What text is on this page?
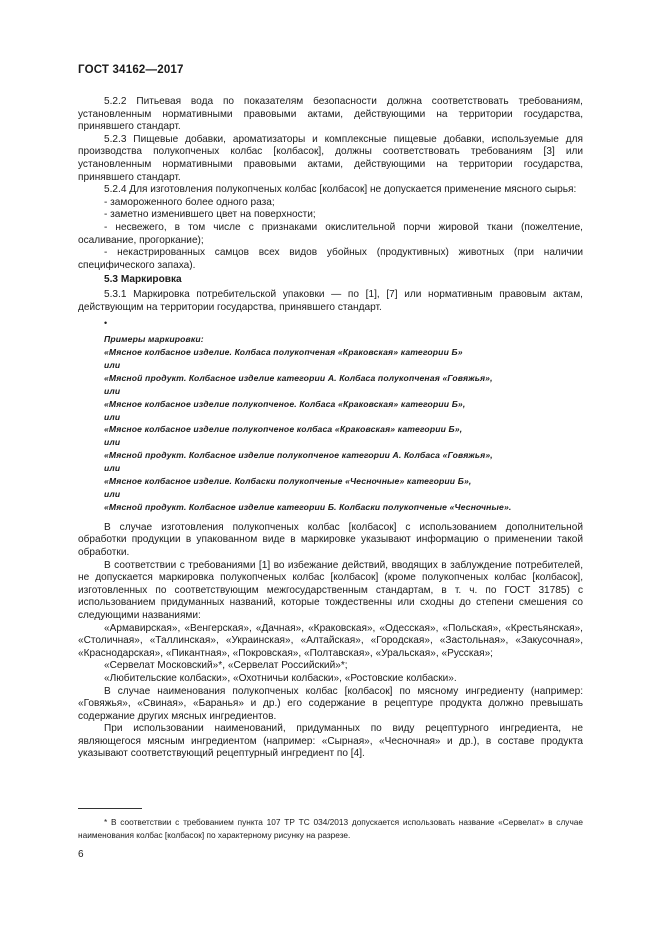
ГОСТ 34162—2017

5.2.2 Питьевая вода по показателям безопасности должна соответствовать требованиям, установленным нормативными правовыми актами, действующими на территории государства, принявшего стандарт.

5.2.3 Пищевые добавки, ароматизаторы и комплексные пищевые добавки, используемые для производства полукопченых колбас [колбасок], должны соответствовать требованиям [3] или установленным нормативными правовыми актами, действующими на территории государства, принявшего стандарт.

5.2.4 Для изготовления полукопченых колбас [колбасок] не допускается применение мясного сырья:

- замороженного более одного раза;

- заметно изменившего цвет на поверхности;

- несвежего, в том числе с признаками окислительной порчи жировой ткани (пожелтение, осаливание, прогоркание);

- некастрированных самцов всех видов убойных (продуктивных) животных (при наличии специфического запаха).

5.3 Маркировка

5.3.1 Маркировка потребительской упаковки — по [1], [7] или нормативным правовым актам, действующим на территории государства, принявшего стандарт.

•

Примеры маркировки:

«Мясное колбасное изделие. Колбаса полукопченая «Краковская» категории Б»

или

«Мясной продукт. Колбасное изделие категории А. Колбаса полукопченая «Говяжья»,

или

«Мясное колбасное изделие полукопченое. Колбаса «Краковская» категории Б»,

или

«Мясное колбасное изделие полукопченое колбаса «Краковская» категории Б»,

или

«Мясной продукт. Колбасное изделие полукопченое категории А. Колбаса «Говяжья»,

или

«Мясное колбасное изделие. Колбаски полукопченые «Чесночные» категории Б»,

или

«Мясной продукт. Колбасное изделие категории Б. Колбаски полукопченые «Чесночные».

В случае изготовления полукопченых колбас [колбасок] с использованием дополнительной обработки продукции в упакованном виде в маркировке указывают информацию о применении такой обработки.

В соответствии с требованиями [1] во избежание действий, вводящих в заблуждение потребителей, не допускается маркировка полукопченых колбас [колбасок] (кроме полукопченых колбас [колбасок], изготовленных по соответствующим межгосударственным стандартам, в т. ч. по ГОСТ 31785) с использованием придуманных названий, которые тождественны или сходны до степени смешения со следующими названиями:

«Армавирская», «Венгерская», «Дачная», «Краковская», «Одесская», «Польская», «Крестьянская», «Столичная», «Таллинская», «Украинская», «Алтайская», «Городская», «Застольная», «Закусочная», «Краснодарская», «Пикантная», «Покровская», «Полтавская», «Уральская», «Русская»;

«Сервелат Московский»*, «Сервелат Российский»*;

«Любительские колбаски», «Охотничьи колбаски», «Ростовские колбаски».

В случае наименования полукопченых колбас [колбасок] по мясному ингредиенту (например: «Говяжья», «Свиная», «Баранья» и др.) его содержание в рецептуре продукта должно превышать содержание других мясных ингредиентов.

При использовании наименований, придуманных по виду рецептурного ингредиента, не являющегося мясным ингредиентом (например: «Сырная», «Чесночная» и др.), в составе продукта указывают соответствующий рецептурный ингредиент по [4].

* В соответствии с требованием пункта 107 ТР ТС 034/2013 допускается использовать название «Сервелат» в случае наименования колбас [колбасок] по характерному рисунку на разрезе.

6
